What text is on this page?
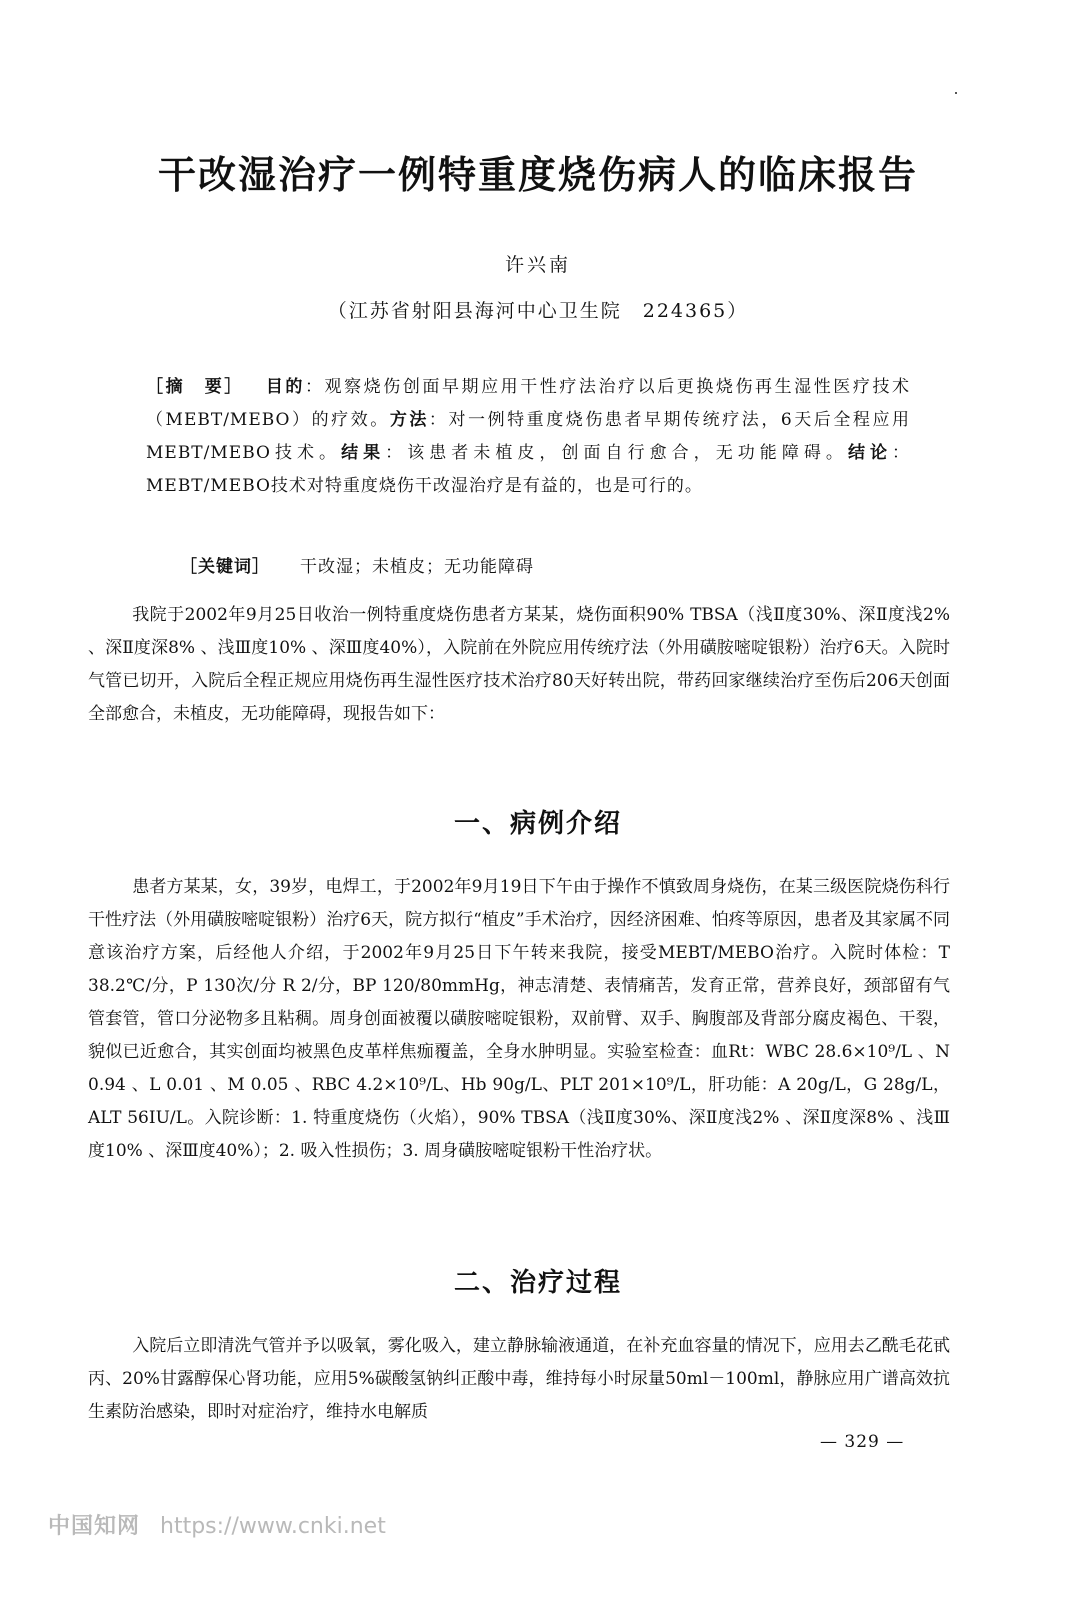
干改湿治疗一例特重度烧伤病人的临床报告
许兴南
（江苏省射阳县海河中心卫生院　224365）
［摘　要］ 目的：观察烧伤创面早期应用干性疗法治疗以后更换烧伤再生湿性医疗技术（MEBT/MEBO）的疗效。方法：对一例特重度烧伤患者早期传统疗法，6天后全程应用MEBT/MEBO技术。结果：该患者未植皮，创面自行愈合，无功能障碍。结论：MEBT/MEBO技术对特重度烧伤干改湿治疗是有益的，也是可行的。
［关键词］ 干改湿；未植皮；无功能障碍
我院于2002年9月25日收治一例特重度烧伤患者方某某，烧伤面积90% TBSA（浅Ⅱ度30%、深Ⅱ度浅2% 、深Ⅱ度深8% 、浅Ⅲ度10% 、深Ⅲ度40%），入院前在外院应用传统疗法（外用磺胺嘧啶银粉）治疗6天。入院时气管已切开，入院后全程正规应用烧伤再生湿性医疗技术治疗80天好转出院，带药回家继续治疗至伤后206天创面全部愈合，未植皮，无功能障碍，现报告如下：
一、病例介绍
患者方某某，女，39岁，电焊工，于2002年9月19日下午由于操作不慎致周身烧伤，在某三级医院烧伤科行干性疗法（外用磺胺嘧啶银粉）治疗6天，院方拟行“植皮”手术治疗，因经济困难、怕疼等原因，患者及其家属不同意该治疗方案，后经他人介绍，于2002年9月25日下午转来我院，接受MEBT/MEBO治疗。入院时体检：T 38.2℃/分，P 130次/分 R 2/分，BP 120/80mmHg，神志清楚、表情痛苦，发育正常，营养良好，颈部留有气管套管，管口分泌物多且粘稠。周身创面被覆以磺胺嘧啶银粉，双前臂、双手、胸腹部及背部分腐皮褐色、干裂，貌似已近愈合，其实创面均被黑色皮革样焦痂覆盖，全身水肿明显。实验室检查：血Rt：WBC 28.6×10⁹/L 、N 0.94 、L 0.01 、M 0.05 、RBC 4.2×10⁹/L、Hb 90g/L、PLT 201×10⁹/L，肝功能：A 20g/L，G 28g/L，ALT 56IU/L。入院诊断：1. 特重度烧伤（火焰），90% TBSA（浅Ⅱ度30%、深Ⅱ度浅2% 、深Ⅱ度深8% 、浅Ⅲ度10% 、深Ⅲ度40%）；2. 吸入性损伤；3. 周身磺胺嘧啶银粉干性治疗状。
二、治疗过程
入院后立即清洗气管并予以吸氧，雾化吸入，建立静脉输液通道，在补充血容量的情况下，应用去乙酰毛花甙丙、20%甘露醇保心肾功能，应用5%碳酸氢钠纠正酸中毒，维持每小时尿量50ml－100ml，静脉应用广谱高效抗生素防治感染，即时对症治疗，维持水电解质
— 329 —
中国知网 https://www.cnki.net
